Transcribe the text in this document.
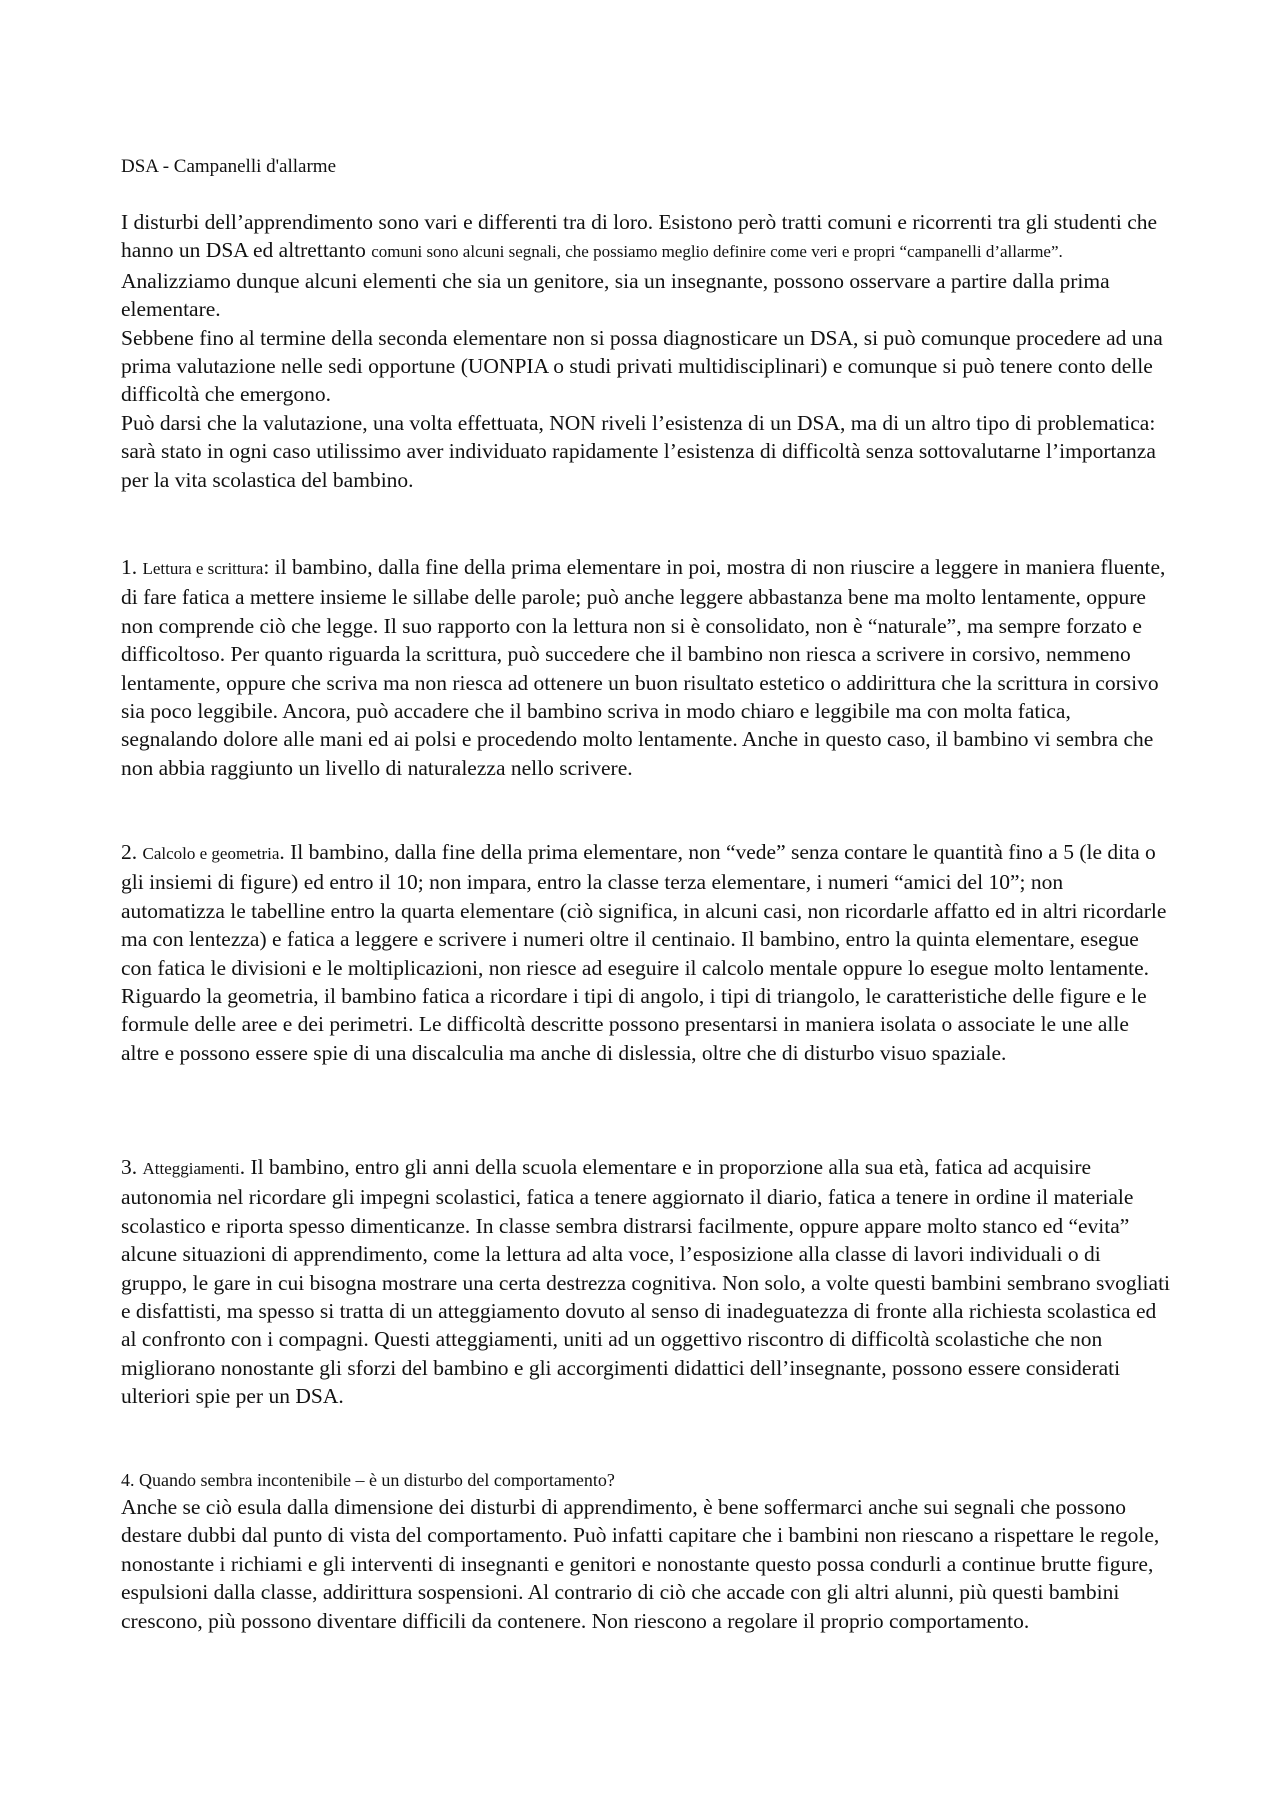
DSA - Campanelli d'allarme

I disturbi dell’apprendimento sono vari e differenti tra di loro. Esistono però tratti comuni e ricorrenti tra gli studenti che hanno un DSA ed altrettanto comuni sono alcuni segnali, che possiamo meglio definire come veri e propri “campanelli d’allarme”.
Analizziamo dunque alcuni elementi che sia un genitore, sia un insegnante, possono osservare a partire dalla prima elementare.
Sebbene fino al termine della seconda elementare non si possa diagnosticare un DSA, si può comunque procedere ad una prima valutazione nelle sedi opportune (UONPIA o studi privati multidisciplinari) e comunque si può tenere conto delle difficoltà che emergono.
Può darsi che la valutazione, una volta effettuata, NON riveli l’esistenza di un DSA, ma di un altro tipo di problematica: sarà stato in ogni caso utilissimo aver individuato rapidamente l’esistenza di difficoltà senza sottovalutarne l’importanza per la vita scolastica del bambino.

1. Lettura e scrittura: il bambino, dalla fine della prima elementare in poi, mostra di non riuscire a leggere in maniera fluente, di fare fatica a mettere insieme le sillabe delle parole; può anche leggere abbastanza bene ma molto lentamente, oppure non comprende ciò che legge. Il suo rapporto con la lettura non si è consolidato, non è “naturale”, ma sempre forzato e difficoltoso. Per quanto riguarda la scrittura, può succedere che il bambino non riesca a scrivere in corsivo, nemmeno lentamente, oppure che scriva ma non riesca ad ottenere un buon risultato estetico o addirittura che la scrittura in corsivo sia poco leggibile. Ancora, può accadere che il bambino scriva in modo chiaro e leggibile ma con molta fatica, segnalando dolore alle mani ed ai polsi e procedendo molto lentamente. Anche in questo caso, il bambino vi sembra che non abbia raggiunto un livello di naturalezza nello scrivere.

2. Calcolo e geometria. Il bambino, dalla fine della prima elementare, non “vede” senza contare le quantità fino a 5 (le dita o gli insiemi di figure) ed entro il 10; non impara, entro la classe terza elementare, i numeri “amici del 10”; non automatizza le tabelline entro la quarta elementare (ciò significa, in alcuni casi, non ricordarle affatto ed in altri ricordarle ma con lentezza) e fatica a leggere e scrivere i numeri oltre il centinaio. Il bambino, entro la quinta elementare, esegue con fatica le divisioni e le moltiplicazioni, non riesce ad eseguire il calcolo mentale oppure lo esegue molto lentamente. Riguardo la geometria, il bambino fatica a ricordare i tipi di angolo, i tipi di triangolo, le caratteristiche delle figure e le formule delle aree e dei perimetri. Le difficoltà descritte possono presentarsi in maniera isolata o associate le une alle altre e possono essere spie di una discalculia ma anche di dislessia, oltre che di disturbo visuo spaziale.

3. Atteggiamenti. Il bambino, entro gli anni della scuola elementare e in proporzione alla sua età, fatica ad acquisire autonomia nel ricordare gli impegni scolastici, fatica a tenere aggiornato il diario, fatica a tenere in ordine il materiale scolastico e riporta spesso dimenticanze. In classe sembra distrarsi facilmente, oppure appare molto stanco ed “evita” alcune situazioni di apprendimento, come la lettura ad alta voce, l’esposizione alla classe di lavori individuali o di gruppo, le gare in cui bisogna mostrare una certa destrezza cognitiva. Non solo, a volte questi bambini sembrano svogliati e disfattisti, ma spesso si tratta di un atteggiamento dovuto al senso di inadeguatezza di fronte alla richiesta scolastica ed al confronto con i compagni. Questi atteggiamenti, uniti ad un oggettivo riscontro di difficoltà scolastiche che non migliorano nonostante gli sforzi del bambino e gli accorgimenti didattici dell’insegnante, possono essere considerati ulteriori spie per un DSA.

4. Quando sembra incontenibile – è un disturbo del comportamento?
Anche se ciò esula dalla dimensione dei disturbi di apprendimento, è bene soffermarci anche sui segnali che possono destare dubbi dal punto di vista del comportamento. Può infatti capitare che i bambini non riescano a rispettare le regole, nonostante i richiami e gli interventi di insegnanti e genitori e nonostante questo possa condurli a continue brutte figure, espulsioni dalla classe, addirittura sospensioni. Al contrario di ciò che accade con gli altri alunni, più questi bambini crescono, più possono diventare difficili da contenere. Non riescono a regolare il proprio comportamento.
